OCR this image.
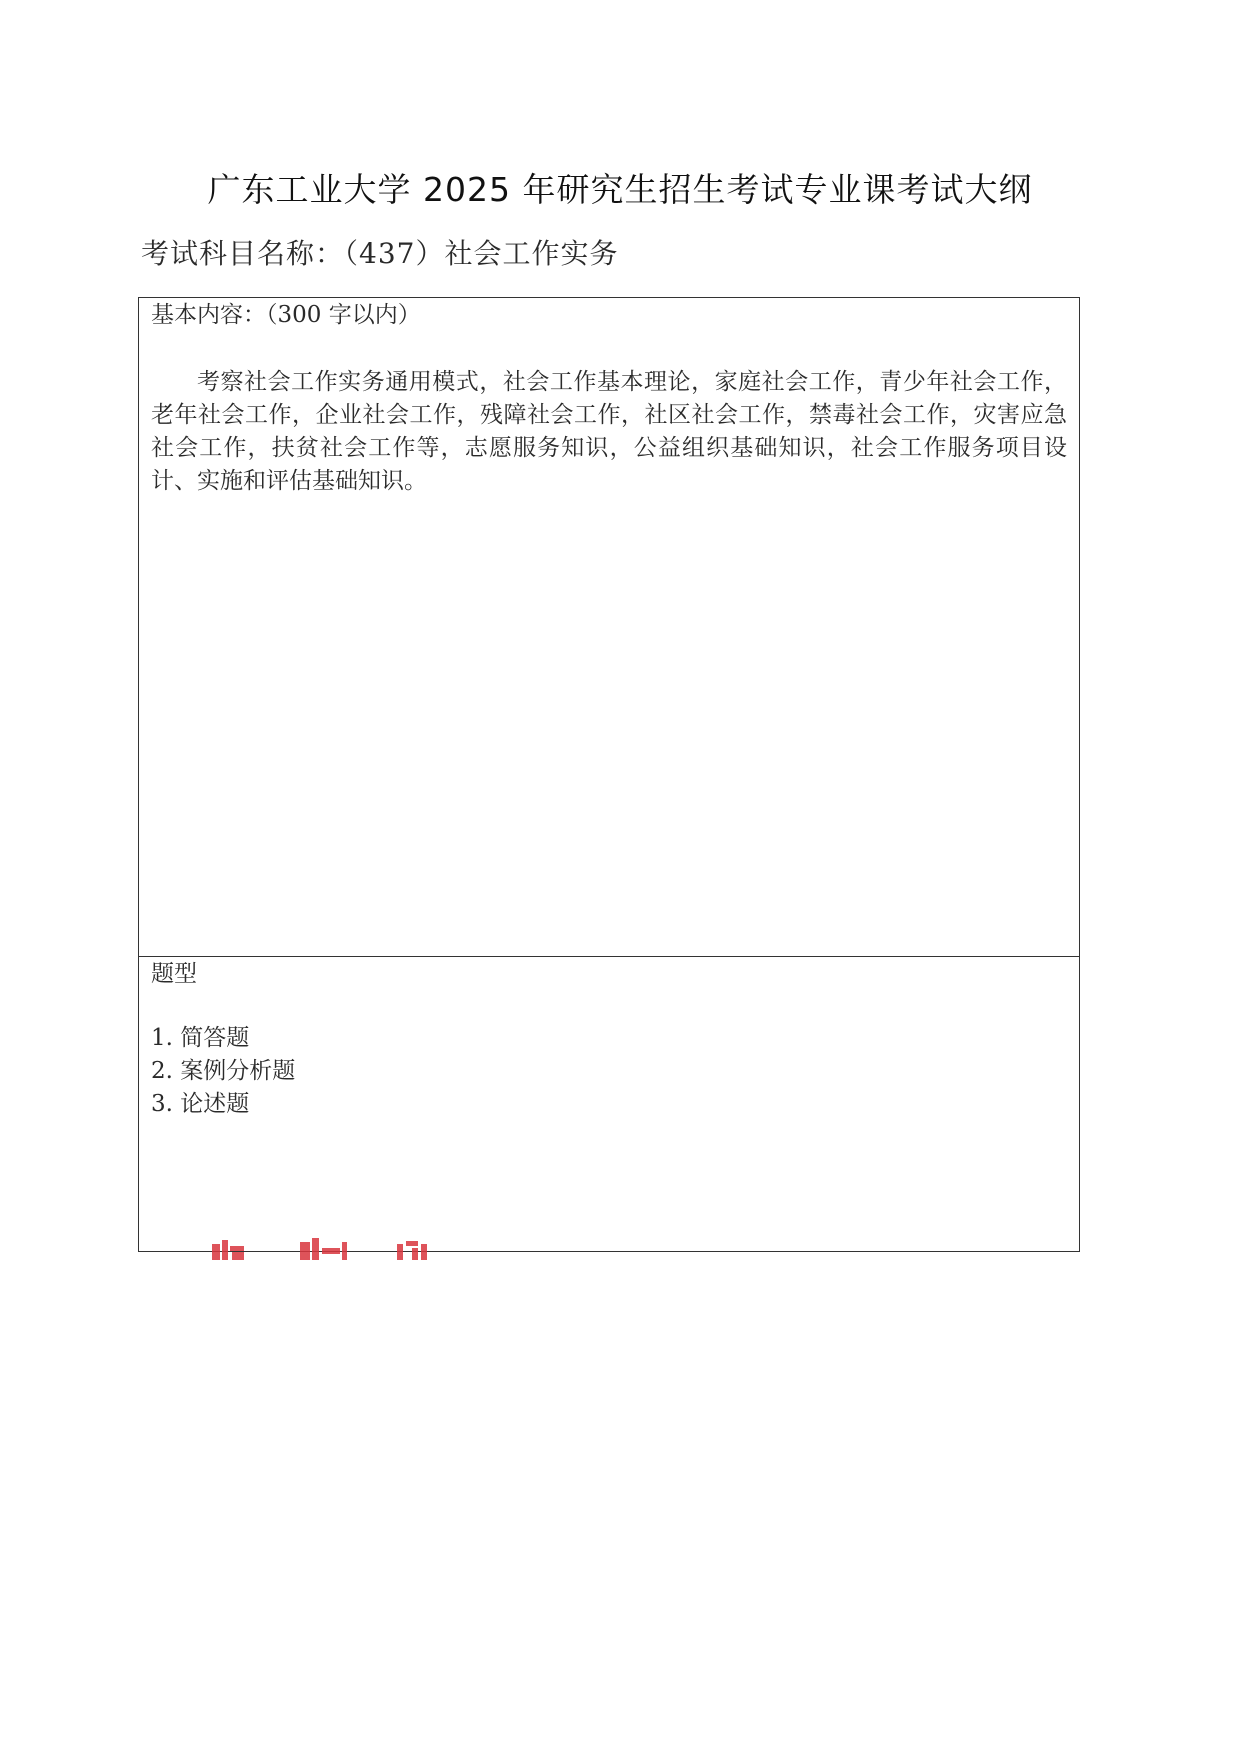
广东工业大学 2025 年研究生招生考试专业课考试大纲
考试科目名称：（437）社会工作实务
基本内容：（300 字以内）
考察社会工作实务通用模式，社会工作基本理论，家庭社会工作，青少年社会工作，老年社会工作，企业社会工作，残障社会工作，社区社会工作，禁毒社会工作，灾害应急社会工作，扶贫社会工作等，志愿服务知识，公益组织基础知识，社会工作服务项目设计、实施和评估基础知识。
题型
1. 简答题
2. 案例分析题
3. 论述题
